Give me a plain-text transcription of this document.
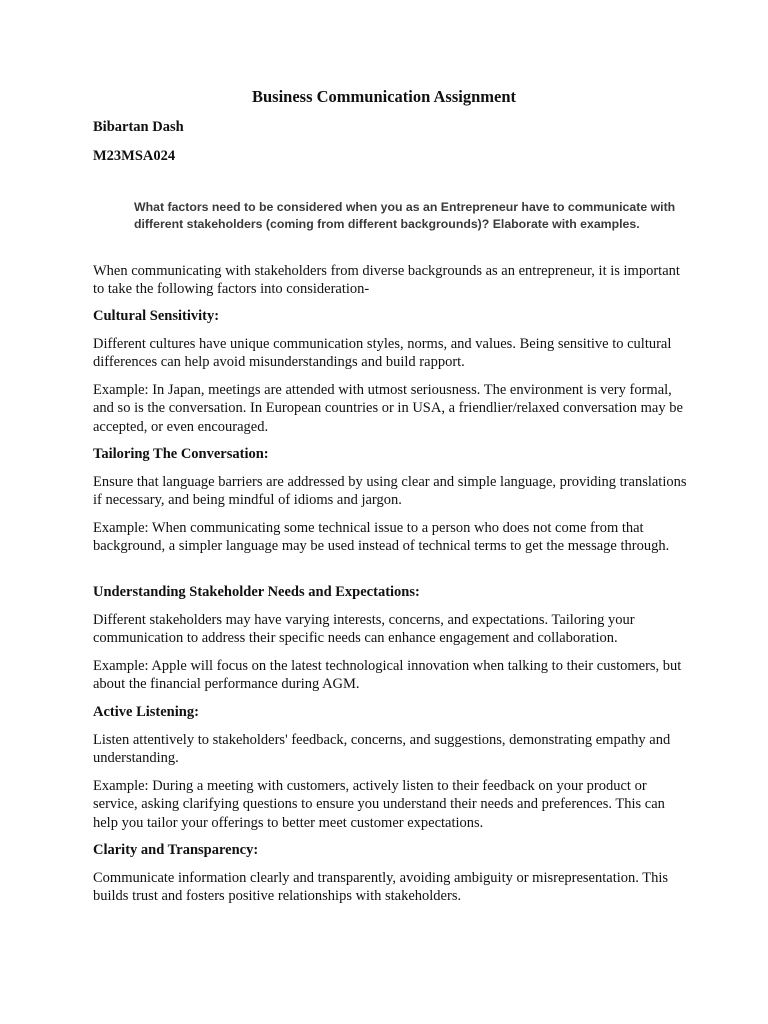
Business Communication Assignment

Bibartan Dash

M23MSA024

What factors need to be considered when you as an Entrepreneur have to communicate with different stakeholders (coming from different backgrounds)? Elaborate with examples.

When communicating with stakeholders from diverse backgrounds as an entrepreneur, it is important to take the following factors into consideration-

Cultural Sensitivity:

Different cultures have unique communication styles, norms, and values. Being sensitive to cultural differences can help avoid misunderstandings and build rapport.

Example: In Japan, meetings are attended with utmost seriousness. The environment is very formal, and so is the conversation. In European countries or in USA, a friendlier/relaxed conversation may be accepted, or even encouraged.

Tailoring The Conversation:

Ensure that language barriers are addressed by using clear and simple language, providing translations if necessary, and being mindful of idioms and jargon.

Example: When communicating some technical issue to a person who does not come from that background, a simpler language may be used instead of technical terms to get the message through.

Understanding Stakeholder Needs and Expectations:

Different stakeholders may have varying interests, concerns, and expectations. Tailoring your communication to address their specific needs can enhance engagement and collaboration.

Example: Apple will focus on the latest technological innovation when talking to their customers, but about the financial performance during AGM.

Active Listening:

Listen attentively to stakeholders' feedback, concerns, and suggestions, demonstrating empathy and understanding.

Example: During a meeting with customers, actively listen to their feedback on your product or service, asking clarifying questions to ensure you understand their needs and preferences. This can help you tailor your offerings to better meet customer expectations.

Clarity and Transparency:

Communicate information clearly and transparently, avoiding ambiguity or misrepresentation. This builds trust and fosters positive relationships with stakeholders.
